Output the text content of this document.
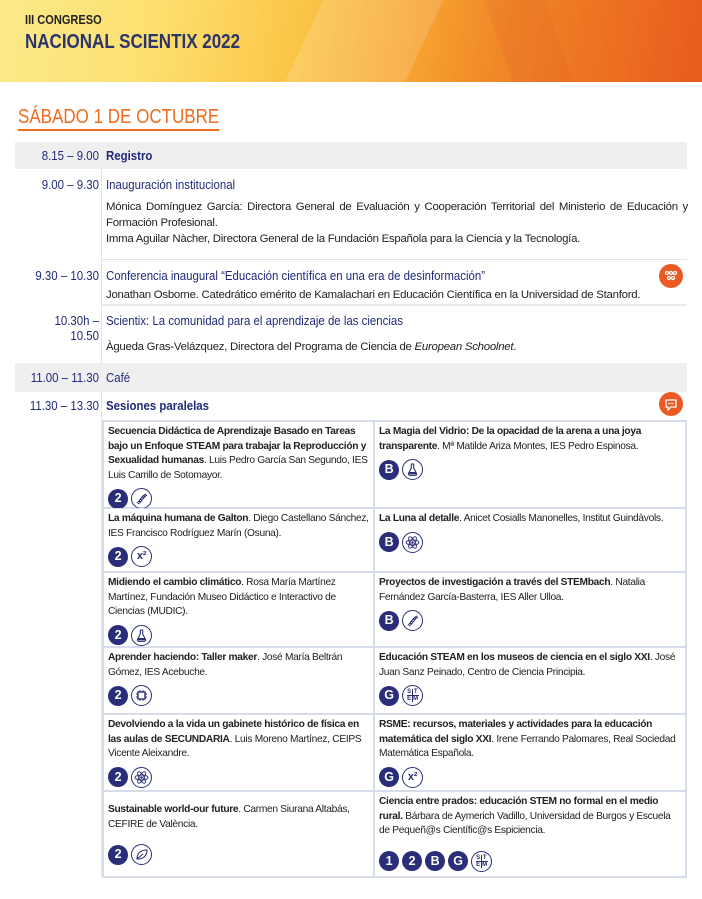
III CONGRESO
NACIONAL SCIENTIX 2022
SÁBADO 1 DE OCTUBRE
8.15 – 9.00 Registro
9.00 – 9.30 Inauguración institucional
Mónica Domínguez García: Directora General de Evaluación y Cooperación Territorial del Ministerio de Educación y Formación Profesional.
Imma Aguilar Nàcher, Directora General de la Fundación Española para la Ciencia y la Tecnología.
9.30 – 10.30 Conferencia inaugural “Educación científica en una era de desinformación”
Jonathan Osborne. Catedrático emérito de Kamalachari en Educación Científica en la Universidad de Stanford.
10.30h – 10.50
Scientix: La comunidad para el aprendizaje de las ciencias
Àgueda Gras-Velázquez, Directora del Programa de Ciencia de European Schoolnet.
11.00 – 11.30 Café
11.30 – 13.30 Sesiones paralelas
Secuencia Didáctica de Aprendizaje Basado en Tareas bajo un Enfoque STEAM para trabajar la Reproducción y Sexualidad humanas. Luis Pedro García San Segundo, IES Luis Carrillo de Sotomayor.
2
La Magia del Vidrio: De la opacidad de la arena a una joya transparente. Mª Matilde Ariza Montes, IES Pedro Espinosa.
B
La máquina humana de Galton. Diego Castellano Sánchez, IES Francisco Rodríguez Marín (Osuna).
2	x²
La Luna al detalle. Anicet Cosialls Manonelles, Institut Guindàvols.
B
Midiendo el cambio climático. Rosa María Martínez Martínez, Fundación Museo Didáctico e Interactivo de Ciencias (MUDIC).
2
Proyectos de investigación a través del STEMbach. Natalia Fernández García-Basterra, IES Aller Ulloa.
B
Aprender haciendo: Taller maker. José María Beltrán Gómez, IES Acebuche.
2
Educación STEAM en los museos de ciencia en el siglo XXI. José Juan Sanz Peinado, Centro de Ciencia Principia.
G	S T
E M
Devolviendo a la vida un gabinete histórico de física en las aulas de SECUNDARIA. Luis Moreno Martínez, CEIPS Vicente Aleixandre.
2
RSME: recursos, materiales y actividades para la educación matemática del siglo XXI. Irene Ferrando Palomares, Real Sociedad Matemática Española.
G	x²
Sustainable world-our future. Carmen Siurana Altabás, CEFIRE de València.
2
Ciencia entre prados: educación STEM no formal en el medio rural. Bárbara de Aymerich Vadillo, Universidad de Burgos y Escuela de Pequeñ@s Científic@s Espiciencia.
1	2	B	G	S T
E M
